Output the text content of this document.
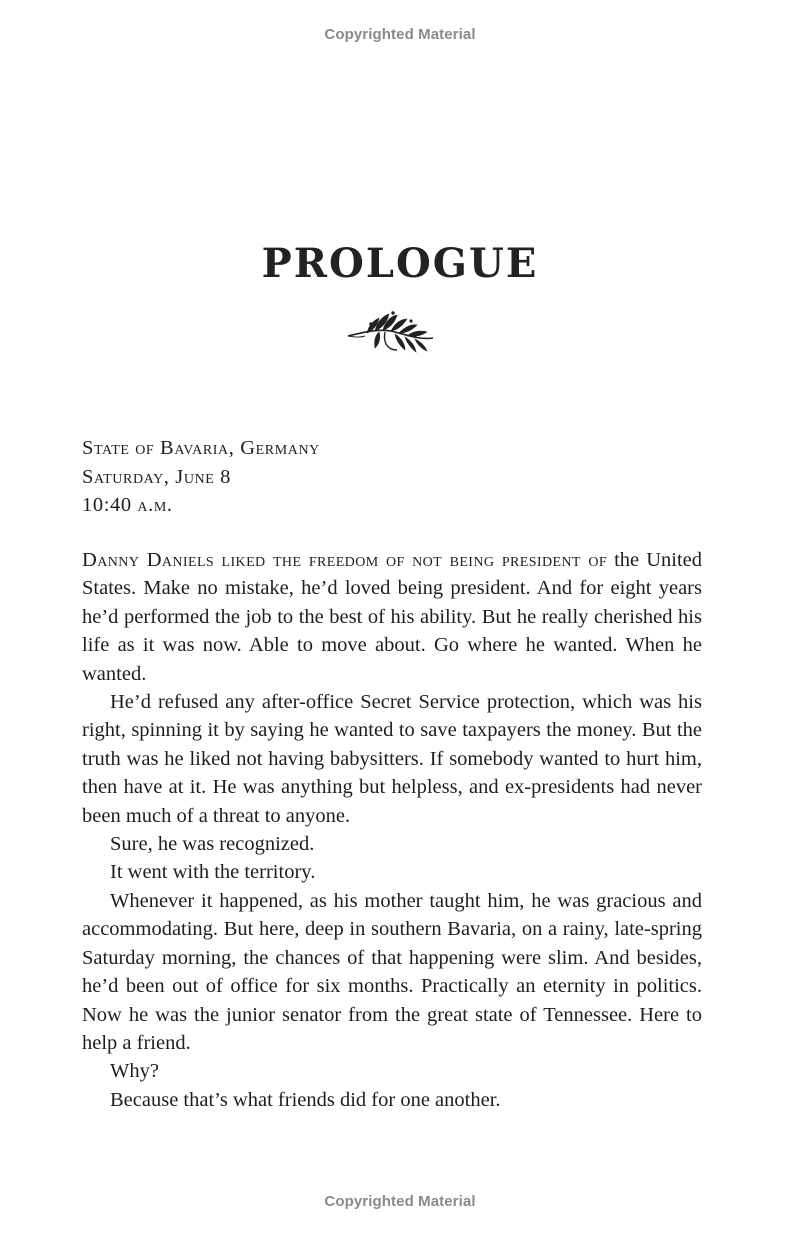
Copyrighted Material
PROLOGUE
State of Bavaria, Germany
Saturday, June 8
10:40 a.m.

Danny Daniels liked the freedom of not being president of the United States. Make no mistake, he’d loved being president. And for eight years he’d performed the job to the best of his ability. But he really cherished his life as it was now. Able to move about. Go where he wanted. When he wanted.

He’d refused any after-office Secret Service protection, which was his right, spinning it by saying he wanted to save taxpayers the money. But the truth was he liked not having babysitters. If somebody wanted to hurt him, then have at it. He was anything but helpless, and ex-presidents had never been much of a threat to anyone.

Sure, he was recognized.

It went with the territory.

Whenever it happened, as his mother taught him, he was gracious and accommodating. But here, deep in southern Bavaria, on a rainy, late-spring Saturday morning, the chances of that happening were slim. And besides, he’d been out of office for six months. Practically an eternity in politics. Now he was the junior senator from the great state of Tennessee. Here to help a friend.

Why?

Because that’s what friends did for one another.

Copyrighted Material
